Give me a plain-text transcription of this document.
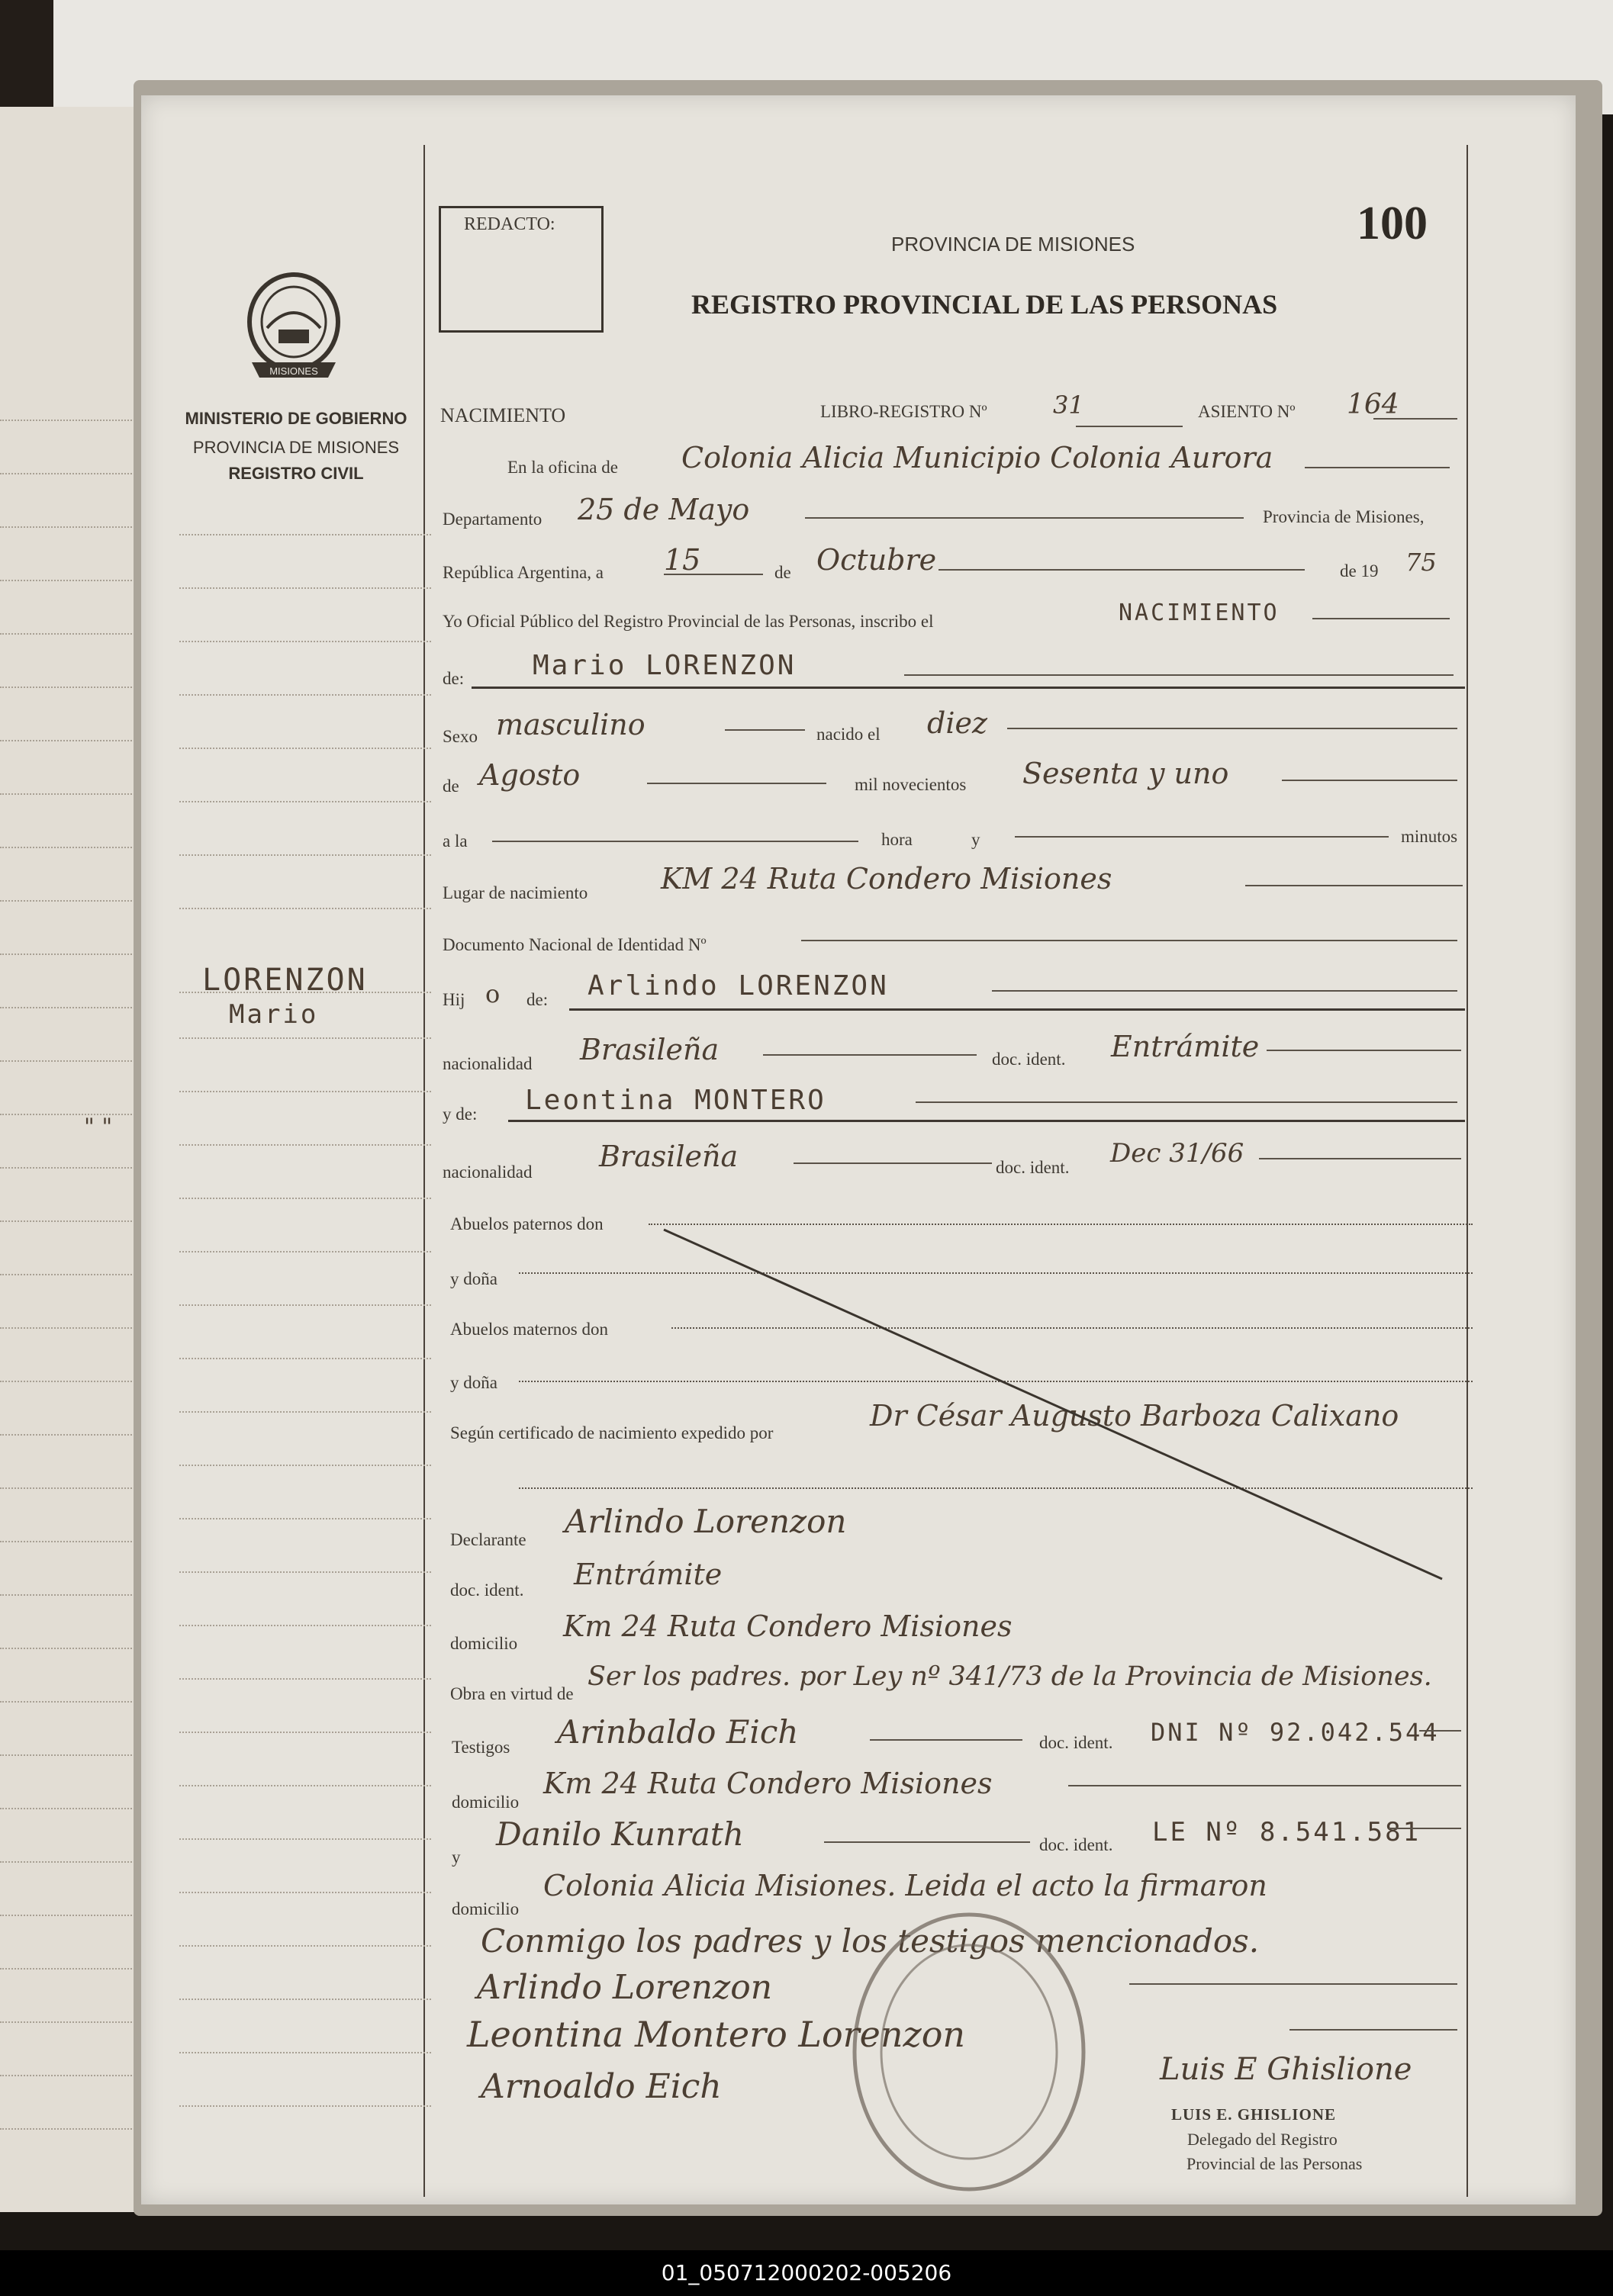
" "
MISIONES
MINISTERIO DE GOBIERNO
PROVINCIA DE MISIONES
REGISTRO CIVIL
LORENZON
Mario
REDACTO:
PROVINCIA DE MISIONES
REGISTRO PROVINCIAL DE LAS PERSONAS
100
NACIMIENTO	LIBRO-REGISTRO Nº	31	ASIENTO Nº 164
En la oficina de Colonia Alicia Municipio Colonia Aurora
Departamento 25 de Mayo	Provincia de Misiones,
República Argentina, a 15	de Octubre	de 19 75
Yo Oficial Público del Registro Provincial de las Personas, inscribo el	NACIMIENTO
de: Mario LORENZON
Sexo masculino	nacido el diez
de Agosto	mil novecientos Sesenta y uno
a la	hora	y	minutos
Lugar de nacimiento	KM 24 Ruta Condero Misiones
Documento Nacional de Identidad Nº
Hij o de: Arlindo LORENZON
nacionalidad Brasileña	doc. ident. Entrámite
y de: Leontina MONTERO
nacionalidad Brasileña	doc. ident. Dec 31/66
Abuelos paternos don
y doña
Abuelos maternos don
y doña
Según certificado de nacimiento expedido por
Dr César Augusto Barboza Calixano
Declarante Arlindo Lorenzon
doc. ident. Entrámite
domicilio
Km 24 Ruta Condero Misiones
Obra en virtud de
Ser los padres. por Ley nº 341/73 de la Provincia de Misiones.
Testigos Arinbaldo Eich	doc. ident. DNI Nº 92.042.544
domicilio
Km 24 Ruta Condero Misiones
y
Danilo Kunrath	doc. ident. LE Nº 8.541.581
domicilio
Colonia Alicia Misiones. Leida el acto la firmaron
Conmigo los padres y los testigos mencionados.
Arlindo Lorenzon
Leontina Montero Lorenzon
Arnoaldo Eich	Luis E Ghislione
LUIS E. GHISLIONE
Delegado del Registro
Provincial de las Personas
01_050712000202-005206
